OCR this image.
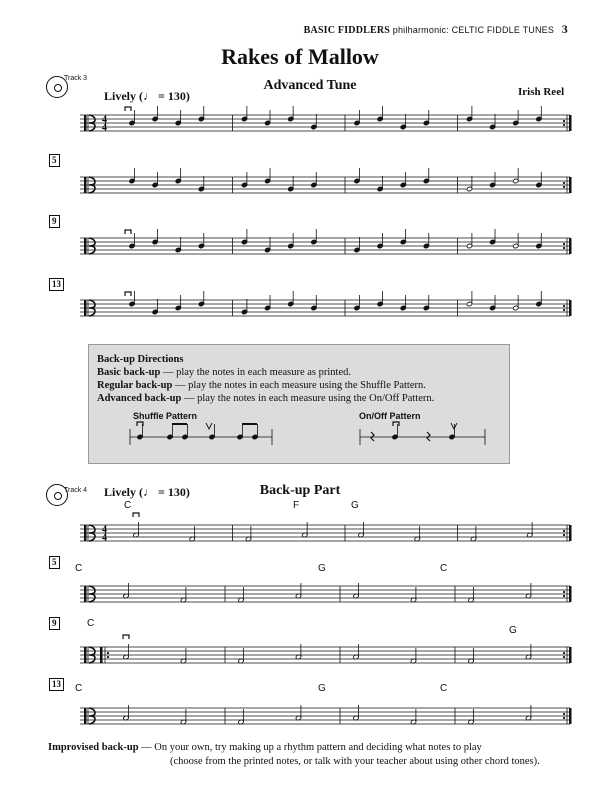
BASIC FIDDLERS philharmonic: CELTIC FIDDLE TUNES 3
Rakes of Mallow
Track 3
Lively (♩ = 130)
Advanced Tune	Irish Reel
5
9
13
Back-up Directions
Basic back-up — play the notes in each measure as printed.
Regular back-up — play the notes in each measure using the Shuffle Pattern.
Advanced back-up — play the notes in each measure using the On/Off Pattern.
Shuffle Pattern	On/Off Pattern
Track 4 Lively (♩ = 130)	Back-up Part
C	F	G
5
C	G	C
9	C
G
13	C	G	C
Improvised back-up — On your own, try making up a rhythm pattern and deciding what notes to play
(choose from the printed notes, or talk with your teacher about using other chord tones).
4
4
4
4
